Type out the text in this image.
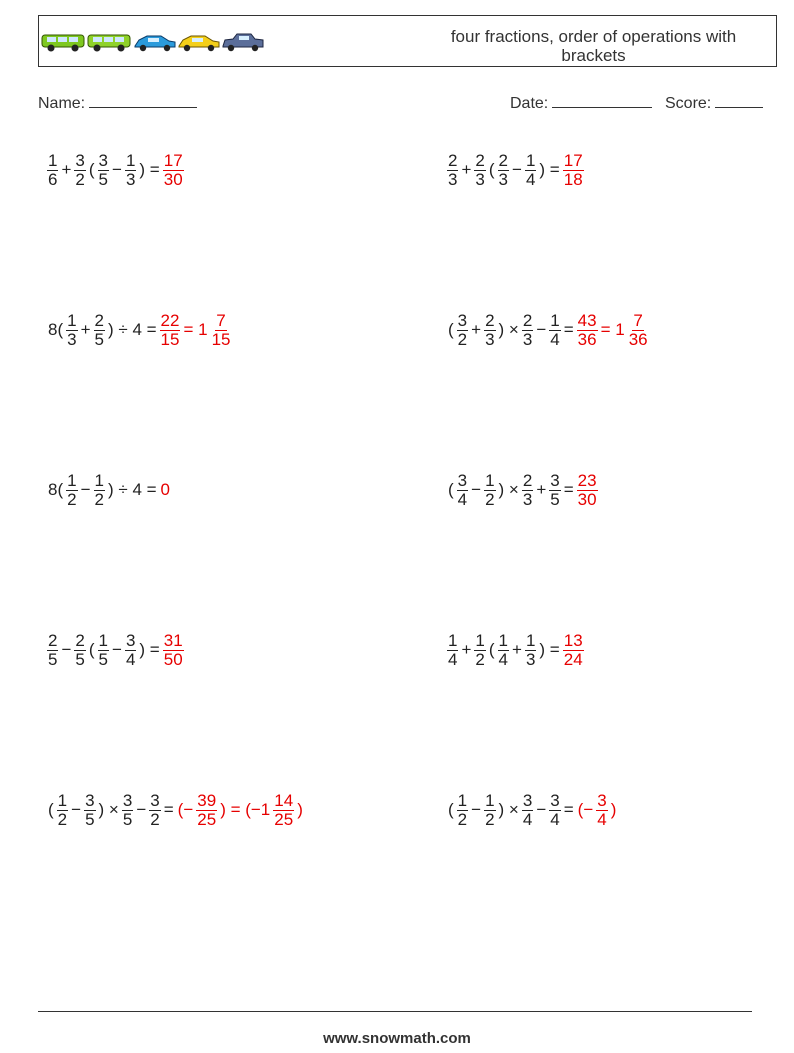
four fractions, order of operations with brackets
Name:	Date:	Score:
$\frac{1}{6} + \frac{3}{2}$ ( $\frac{3}{5} - \frac{1}{3}$ ) = $\frac{17}{30}$	$\frac{2}{3} + \frac{2}{3}$ ( $\frac{2}{3} - \frac{1}{4}$ ) = $\frac{17}{18}$
$8( \frac{1}{3} + \frac{2}{5}$ ) ÷ $4 = \frac{22}{15} = 1 \frac{7}{15}$	( $\frac{3}{2} + \frac{2}{3}$ ) × $\frac{2}{3} - \frac{1}{4} = \frac{43}{36} = 1 \frac{7}{36}$
$8( \frac{1}{2} - \frac{1}{2}$ ) ÷ 4 = 0	( $\frac{3}{4} - \frac{1}{2}$ ) × $\frac{2}{3} + \frac{3}{5} = \frac{23}{30}$
$\frac{2}{5} - \frac{2}{5}$ ( $\frac{1}{5} - \frac{3}{4}$ ) = $\frac{31}{50}$	$\frac{1}{4} + \frac{1}{2}$ ( $\frac{1}{4} + \frac{1}{3}$ ) = $\frac{13}{24}$
( $\frac{1}{2} - \frac{3}{5}$ ) × $\frac{3}{5} - \frac{3}{2}$ = (− $\frac{39}{25}$ ) = ($-1 \frac{14}{25}$ )	( $\frac{1}{2} - \frac{1}{2}$ ) × $\frac{3}{4} - \frac{3}{4}$ = (− $\frac{3}{4}$ )
www.snowmath.com
